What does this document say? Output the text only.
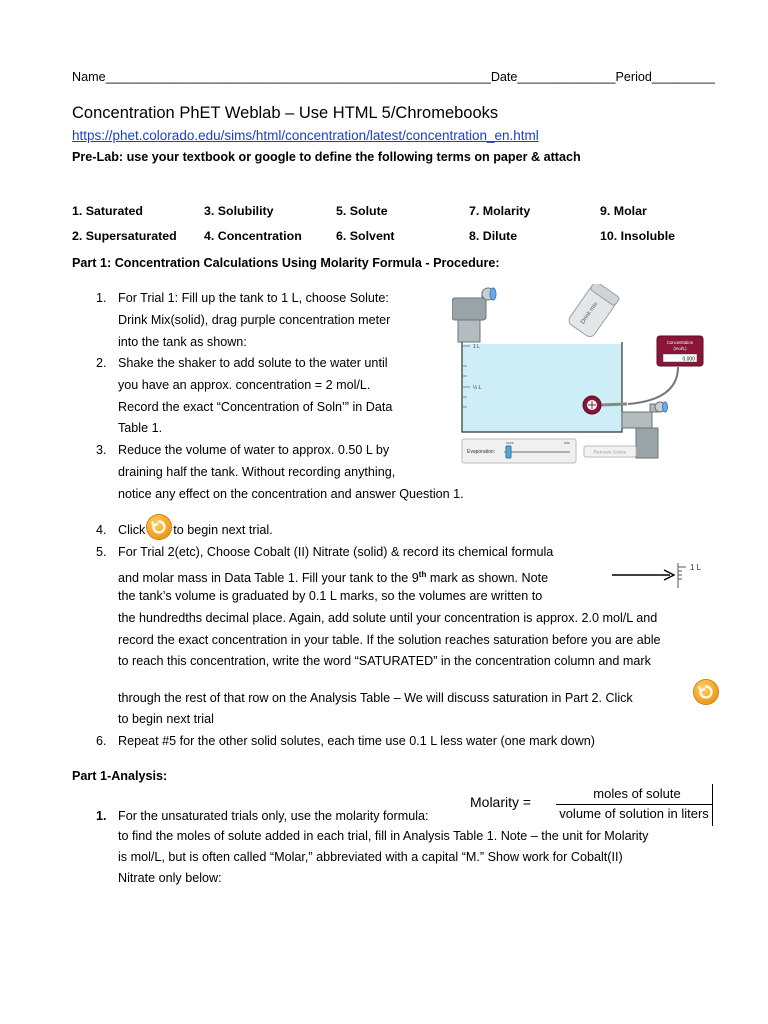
Name_______________________________________________________Date______________Period_________
Concentration PhET Weblab – Use HTML 5/Chromebooks
https://phet.colorado.edu/sims/html/concentration/latest/concentration_en.html
Pre-Lab: use your textbook or google to define the following terms on paper & attach
1. Saturated	3. Solubility	5. Solute	7. Molarity	9. Molar
2. Supersaturated 4. Concentration	6. Solvent	8. Dilute	10. Insoluble
Part 1: Concentration Calculations Using Molarity Formula - Procedure:
1. For Trial 1: Fill up the tank to 1 L, choose Solute:
Drink Mix(solid), drag purple concentration meter
into the tank as shown:
2. Shake the shaker to add solute to the water until
you have an approx. concentration = 2 mol/L.
Record the exact “Concentration of Soln’” in Data
Table 1.
3. Reduce the volume of water to approx. 0.50 L by
draining half the tank. Without recording anything,
notice any effect on the concentration and answer Question 1.
4. Click to begin next trial.
5. For Trial 2(etc), Choose Cobalt (II) Nitrate (solid) & record its chemical formula
and molar mass in Data Table 1. Fill your tank to the 9th mark as shown. Note
the tank’s volume is graduated by 0.1 L marks, so the volumes are written to
the hundredths decimal place. Again, add solute until your concentration is approx. 2.0 mol/L and
record the exact concentration in your table. If the solution reaches saturation before you are able
to reach this concentration, write the word “SATURATED” in the concentration column and mark
through the rest of that row on the Analysis Table – We will discuss saturation in Part 2. Click
to begin next trial
1 L
6. Repeat #5 for the other solid solutes, each time use 0.1 L less water (one mark down)
Part 1-Analysis:
1. For the unsaturated trials only, use the molarity formula:
Molarity =
moles of solute
volume of solution in liters
to find the moles of solute added in each trial, fill in Analysis Table 1. Note – the unit for Molarity
is mol/L, but is often called “Molar,” abbreviated with a capital “M.” Show work for Cobalt(II)
Nitrate only below:
Drink mix
1 L
½ L
Concentration
(mol/L)
0.000
Evaporation:
none	lots
Remove Solute
